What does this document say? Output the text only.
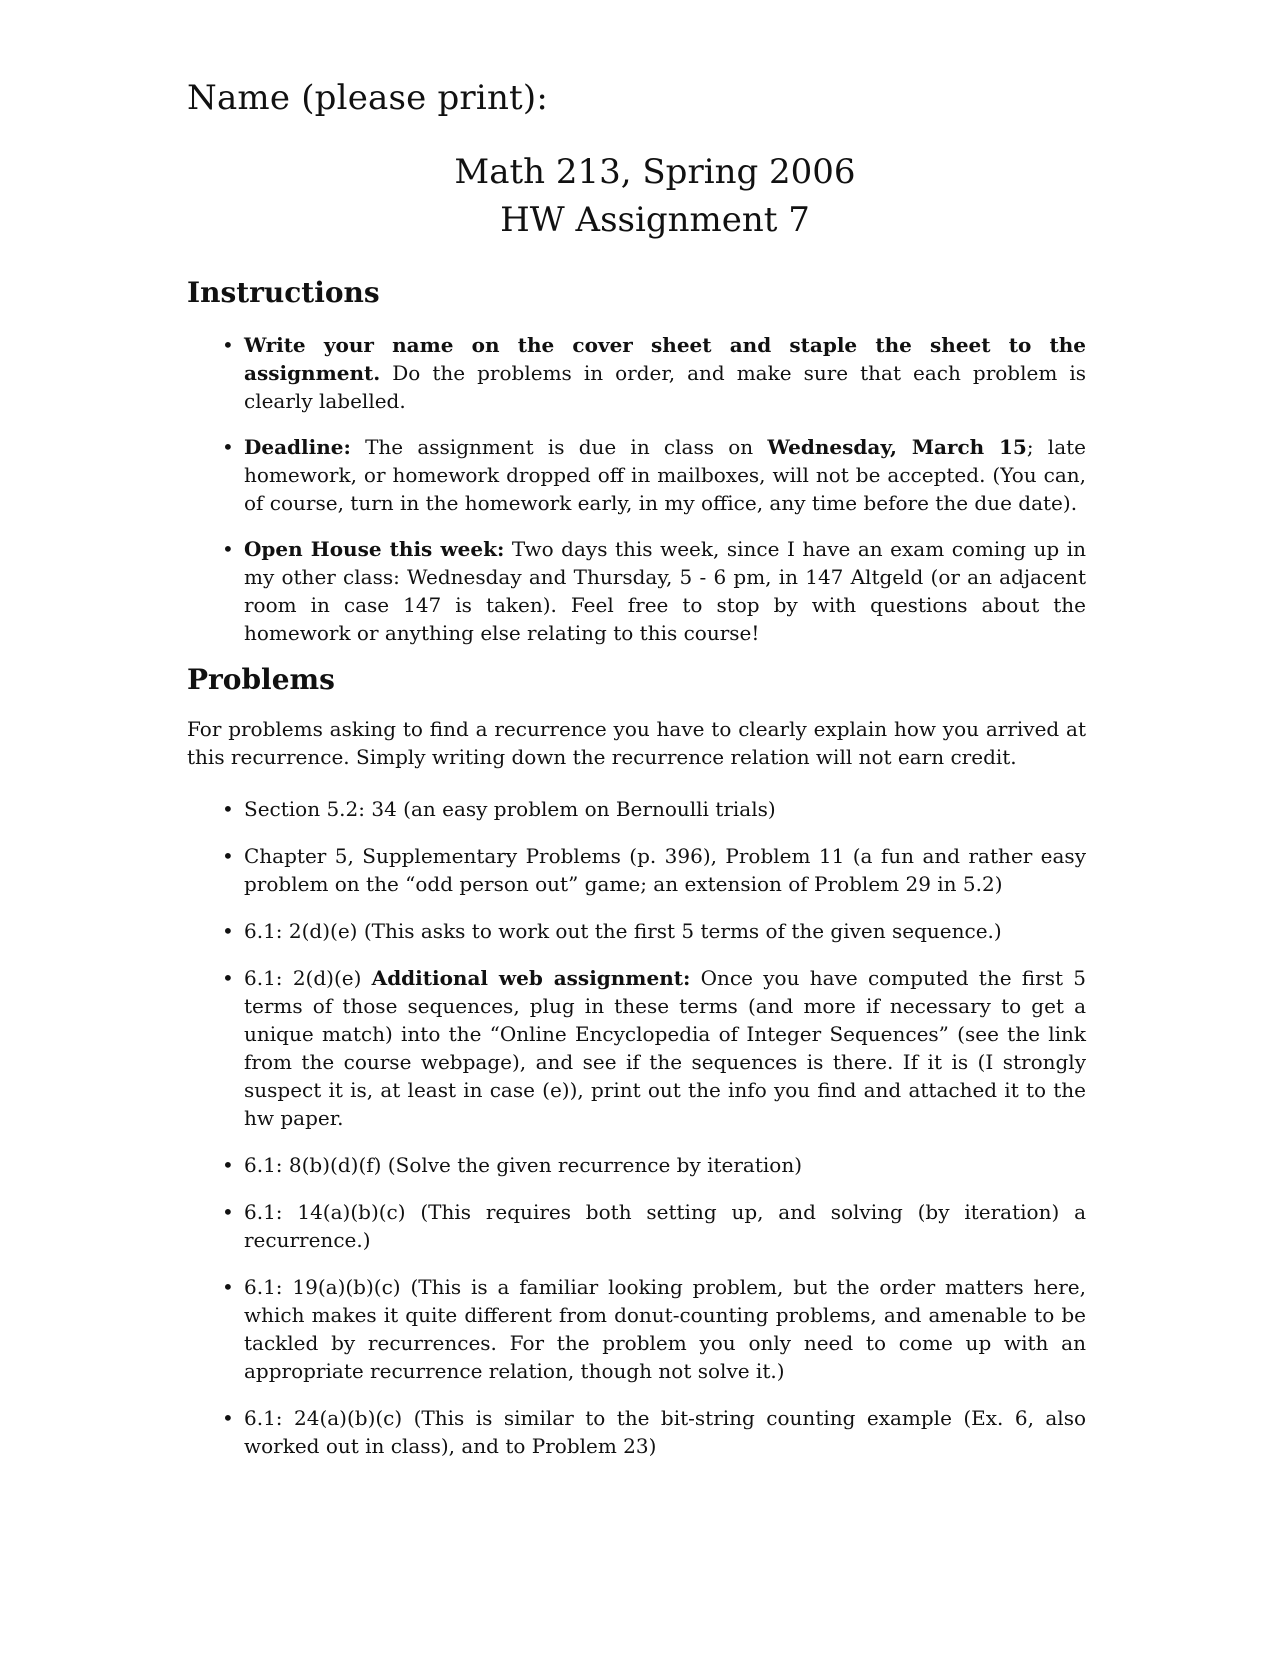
Name (please print):
Math 213, Spring 2006
HW Assignment 7
Instructions
• Write your name on the cover sheet and staple the sheet to the assignment. Do the problems in order, and make sure that each problem is clearly labelled.
• Deadline: The assignment is due in class on Wednesday, March 15; late homework, or homework dropped off in mailboxes, will not be accepted. (You can, of course, turn in the homework early, in my office, any time before the due date).
• Open House this week: Two days this week, since I have an exam coming up in my other class: Wednesday and Thursday, 5 - 6 pm, in 147 Altgeld (or an adjacent room in case 147 is taken). Feel free to stop by with questions about the homework or anything else relating to this course!
Problems

For problems asking to find a recurrence you have to clearly explain how you arrived at this recurrence. Simply writing down the recurrence relation will not earn credit.

• Section 5.2: 34 (an easy problem on Bernoulli trials)
• Chapter 5, Supplementary Problems (p. 396), Problem 11 (a fun and rather easy problem on the “odd person out” game; an extension of Problem 29 in 5.2)
• 6.1: 2(d)(e) (This asks to work out the first 5 terms of the given sequence.)
• 6.1: 2(d)(e) Additional web assignment: Once you have computed the first 5 terms of those sequences, plug in these terms (and more if necessary to get a unique match) into the “Online Encyclopedia of Integer Sequences” (see the link from the course webpage), and see if the sequences is there. If it is (I strongly suspect it is, at least in case (e)), print out the info you find and attached it to the hw paper.
• 6.1: 8(b)(d)(f) (Solve the given recurrence by iteration)
• 6.1: 14(a)(b)(c) (This requires both setting up, and solving (by iteration) a recurrence.)
• 6.1: 19(a)(b)(c) (This is a familiar looking problem, but the order matters here, which makes it quite different from donut-counting problems, and amenable to be tackled by recurrences. For the problem you only need to come up with an appropriate recurrence relation, though not solve it.)
• 6.1: 24(a)(b)(c) (This is similar to the bit-string counting example (Ex. 6, also worked out in class), and to Problem 23)
